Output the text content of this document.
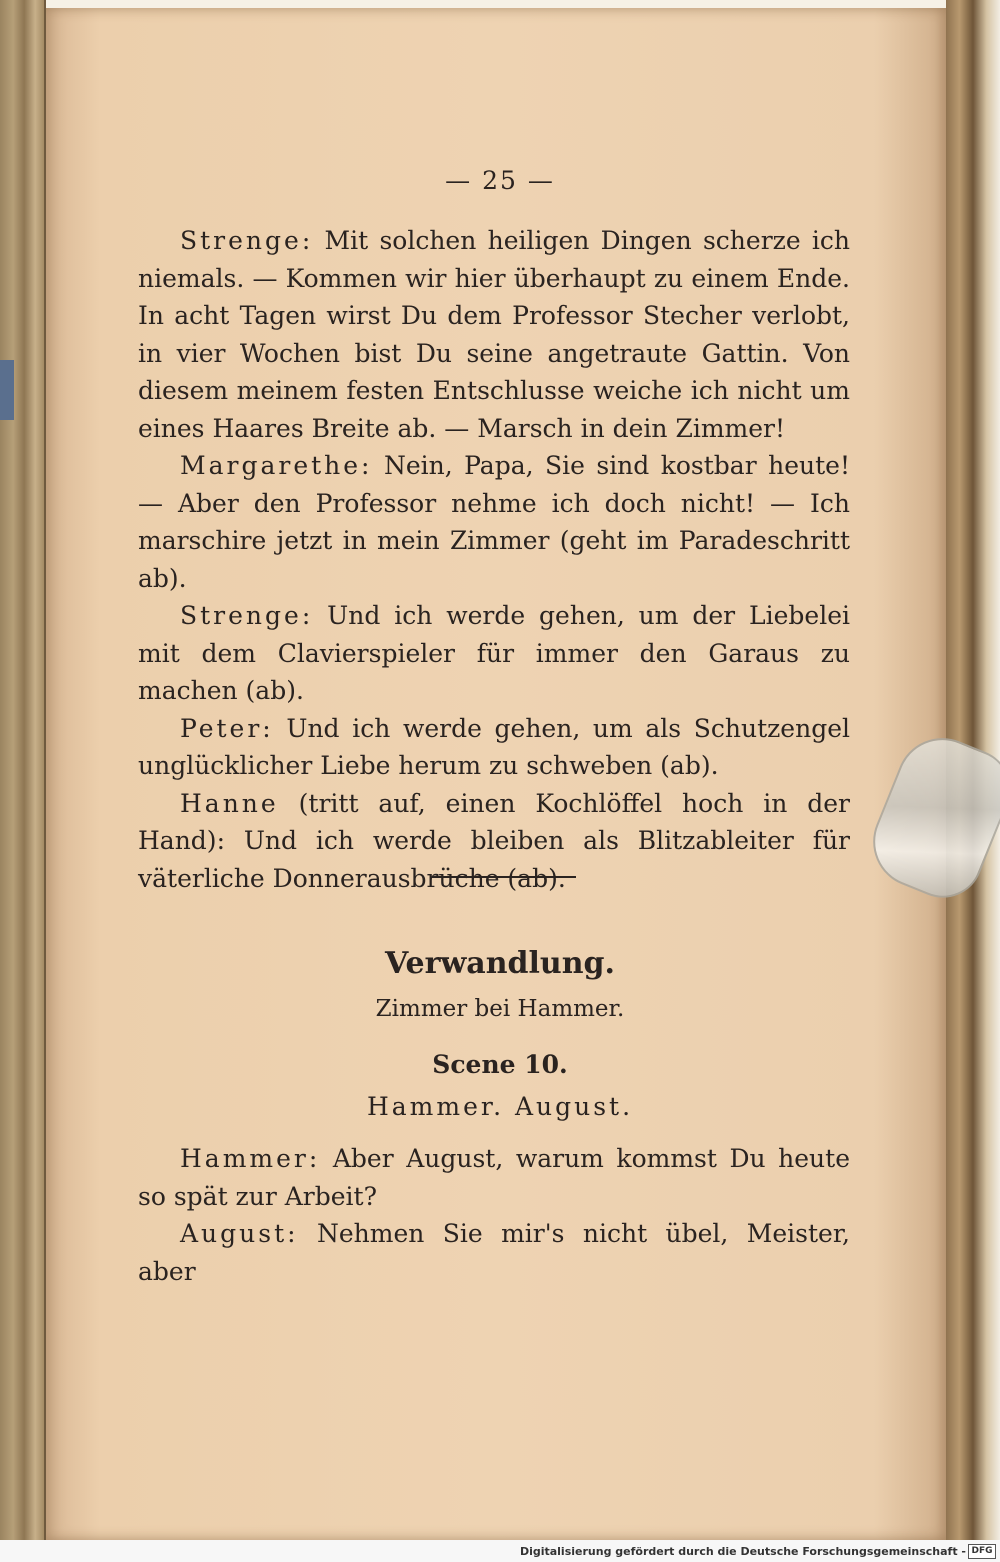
— 25 —

Strenge: Mit solchen heiligen Dingen scherze ich niemals. — Kommen wir hier überhaupt zu einem Ende. In acht Tagen wirst Du dem Professor Stecher verlobt, in vier Wochen bist Du seine angetraute Gattin. Von diesem meinem festen Entschlusse weiche ich nicht um eines Haares Breite ab. — Marsch in dein Zimmer!

Margarethe: Nein, Papa, Sie sind kostbar heute! — Aber den Professor nehme ich doch nicht! — Ich marschire jetzt in mein Zimmer (geht im Paradeschritt ab).

Strenge: Und ich werde gehen, um der Liebelei mit dem Clavierspieler für immer den Garaus zu machen (ab).

Peter: Und ich werde gehen, um als Schutzengel unglücklicher Liebe herum zu schweben (ab).

Hanne (tritt auf, einen Kochlöffel hoch in der Hand): Und ich werde bleiben als Blitzableiter für väterliche Donnerausbrüche (ab).

Verwandlung.
Zimmer bei Hammer.
Scene 10.
Hammer. August.

Hammer: Aber August, warum kommst Du heute so spät zur Arbeit?

August: Nehmen Sie mir's nicht übel, Meister, aber

Digitalisierung gefördert durch die Deutsche Forschungsgemeinschaft - DFG
